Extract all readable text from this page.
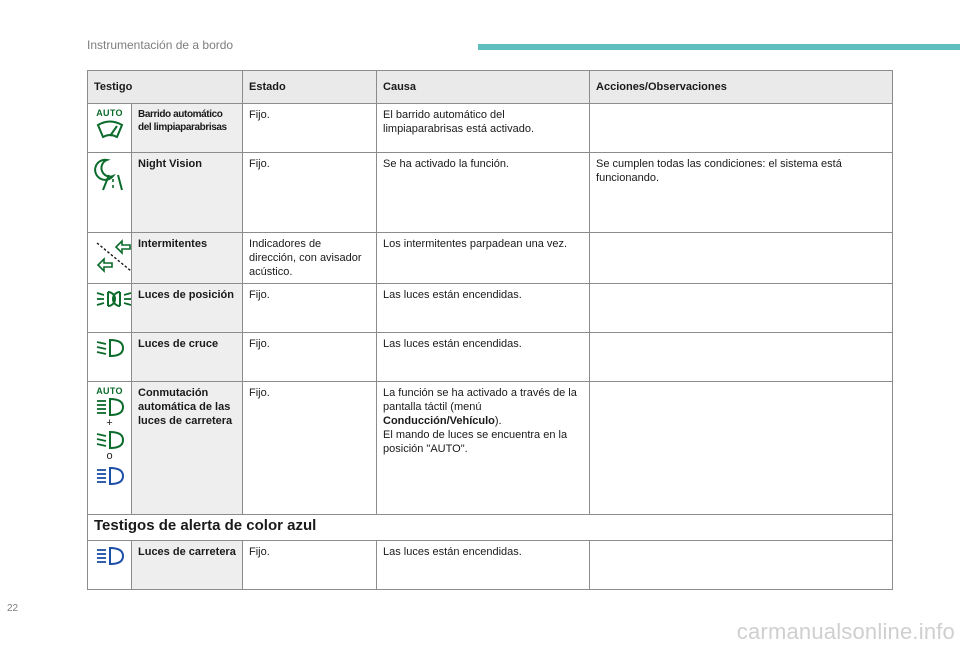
Instrumentación de a bordo
Testigo		Estado	Causa	Acciones/Observaciones

AUTO	Barrido automático del limpiaparabrisas	Fijo.	El barrido automático del limpiaparabrisas está activado.	

	Night Vision	Fijo.	Se ha activado la función.	Se cumplen todas las condiciones: el sistema está funcionando.

	Intermitentes	Indicadores de dirección, con avisador acústico.	Los intermitentes parpadean una vez.	

	Luces de posición	Fijo.	Las luces están encendidas.	

	Luces de cruce	Fijo.	Las luces están encendidas.	

AUTO
+
o	Conmutación automática de las luces de carretera	Fijo.	La función se ha activado a través de la pantalla táctil (menú Conducción/Vehículo).
El mando de luces se encuentra en la posición "AUTO".	
Testigos de alerta de color azul				

	Luces de carretera	Fijo.	Las luces están encendidas.	
22
carmanualsonline.info
